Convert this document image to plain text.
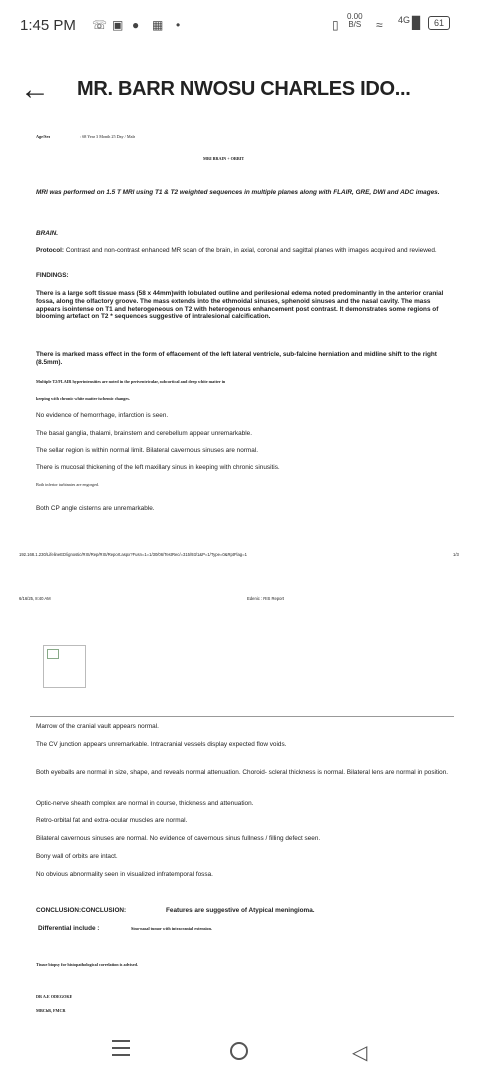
1:45 PM ☏ ▣ ● ▦ •	▯
0.00
B/S ≈ 4G ▉	61
← MR. BARR NWOSU CHARLES IDO...
Age/Sex	: 68 Year 3 Month 25 Day / Male
MRI BRAIN + ORBIT
MRI was performed on 1.5 T MRI using T1 & T2 weighted sequences in multiple planes along with FLAIR, GRE, DWI and ADC images.
BRAIN.
Protocol: Contrast and non-contrast enhanced MR scan of the brain, in axial, coronal and sagittal planes with images acquired and reviewed.
FINDINGS:
There is a large soft tissue mass (58 x 44mm)with lobulated outline and perilesional edema noted predominantly in the anterior cranial fossa, along the olfactory groove. The mass extends into the ethmoidal sinuses, sphenoid sinuses and the nasal cavity. The mass appears isointense on T1 and heterogeneous on T2 with heterogenous enhancement post contrast. It demonstrates some regions of blooming artefact on T2 * sequences suggestive of intralesional calcification.
There is marked mass effect in the form of effacement of the left lateral ventricle, sub-falcine herniation and midline shift to the right (8.5mm).
Multiple T2/FLAIR hyperintensities are noted in the periventricular, subcortical and deep white matter in
keeping with chronic white matter ischemic changes.
No evidence of hemorrhage, infarction is seen.
The basal ganglia, thalami, brainstem and cerebellum appear unremarkable.
The sellar region is within normal limit. Bilateral cavernous sinuses are normal.
There is mucosal thickening of the left maxillary sinus in keeping with chronic sinusitis.
Both inferior turbinates are engorged.
Both CP angle cisterns are unremarkable.
192.168.1.230/LifelineED/ignostic/RIS/Rep/RIS/Report.aspx?Fusn=1=1/30/06/TestRec/=315/93/1&P=1/Type=0&RptFlag=1	1/3
6/16/25, 8:40 AM	Edenic : RIS Report
Marrow of the cranial vault appears normal.
The CV junction appears unremarkable. Intracranial vessels display expected flow voids.
Both eyeballs are normal in size, shape, and reveals normal attenuation. Choroid- scleral thickness is normal. Bilateral lens are normal in position.
Optic-nerve sheath complex are normal in course, thickness and attenuation.
Retro-orbital fat and extra-ocular muscles are normal.
Bilateral cavernous sinuses are normal. No evidence of cavernous sinus fullness / filling defect seen.
Bony wall of orbits are intact.
No obvious abnormality seen in visualized infratemporal fossa.
CONCLUSION:CONCLUSION:	Features are suggestive of Atypical meningioma.
Differential include :	Sino-nasal tumor with intracranial extension.
Tissue biopsy for histopathological correlation is advised.
DR A.E ODEGOKE
MBChB, FMCR
◁
